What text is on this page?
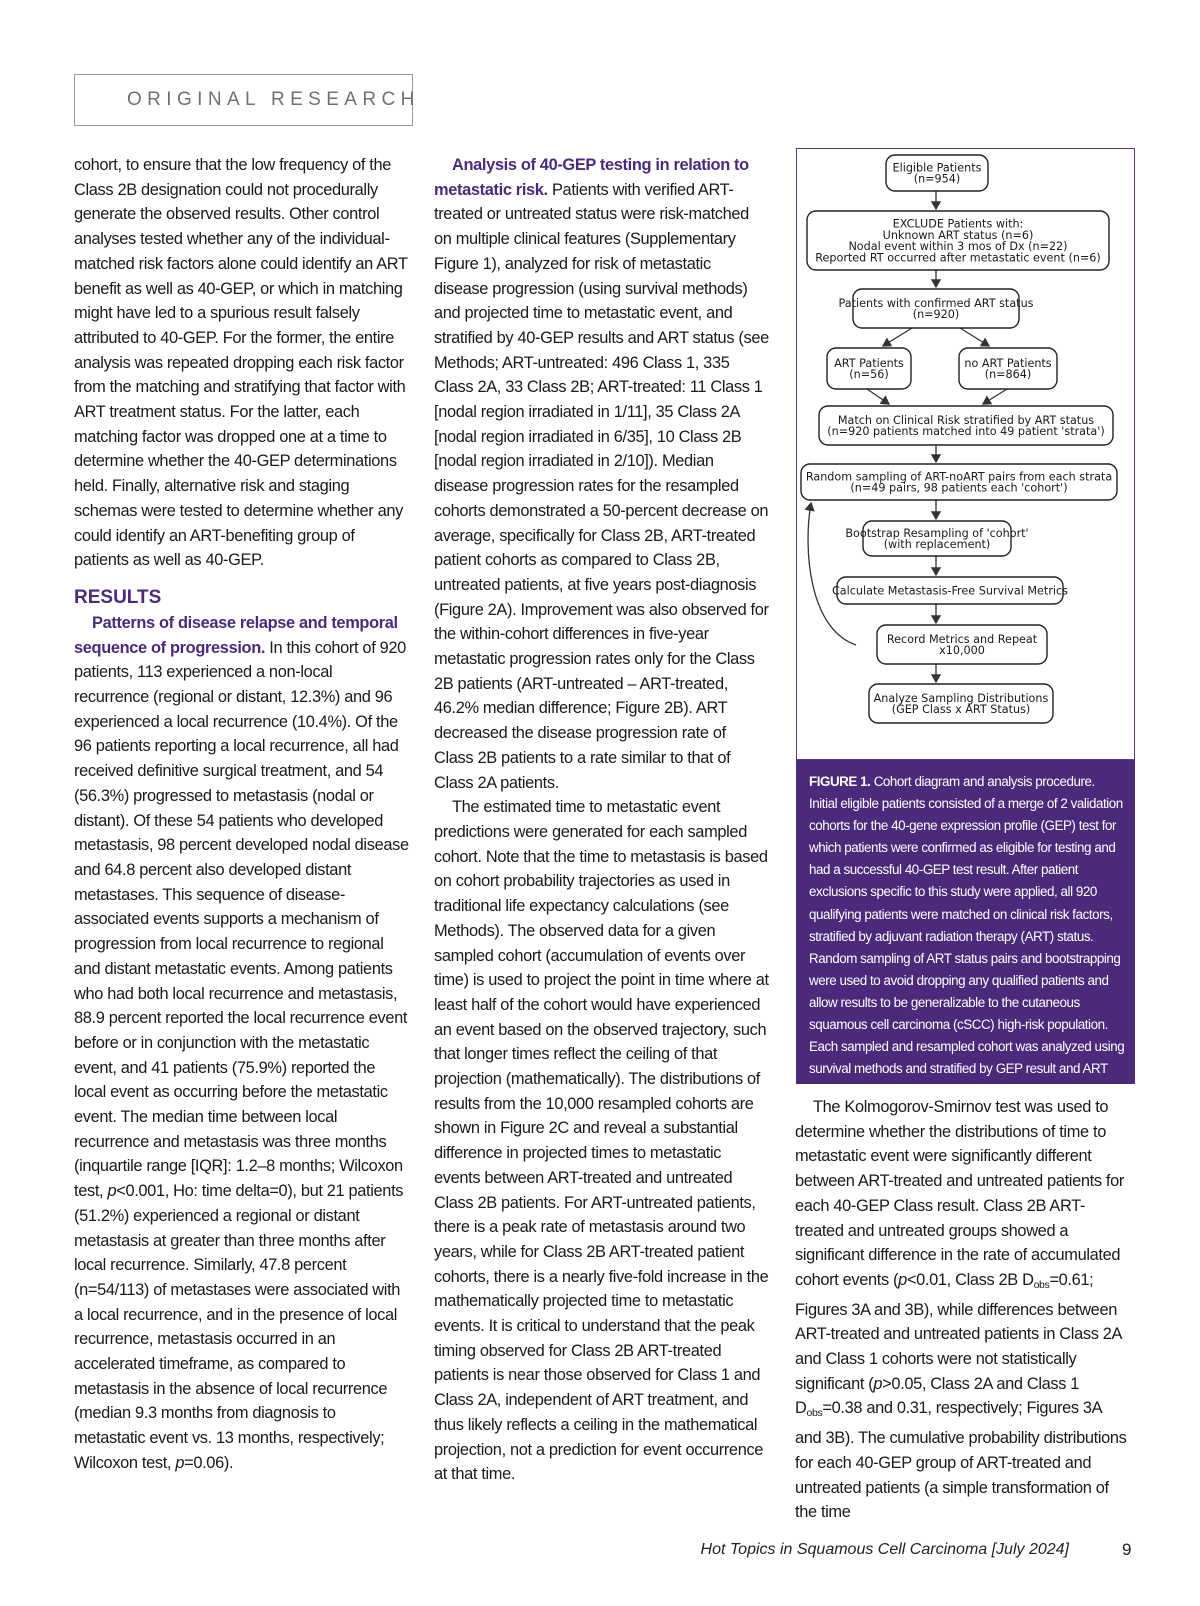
ORIGINAL RESEARCH

cohort, to ensure that the low frequency of the Class 2B designation could not procedurally generate the observed results. Other control analyses tested whether any of the individual-matched risk factors alone could identify an ART benefit as well as 40-GEP, or which in matching might have led to a spurious result falsely attributed to 40-GEP. For the former, the entire analysis was repeated dropping each risk factor from the matching and stratifying that factor with ART treatment status. For the latter, each matching factor was dropped one at a time to determine whether the 40-GEP determinations held. Finally, alternative risk and staging schemas were tested to determine whether any could identify an ART-benefiting group of patients as well as 40-GEP.

RESULTS

Patterns of disease relapse and temporal sequence of progression. In this cohort of 920 patients, 113 experienced a non-local recurrence (regional or distant, 12.3%) and 96 experienced a local recurrence (10.4%). Of the 96 patients reporting a local recurrence, all had received definitive surgical treatment, and 54 (56.3%) progressed to metastasis (nodal or distant). Of these 54 patients who developed metastasis, 98 percent developed nodal disease and 64.8 percent also developed distant metastases. This sequence of disease-associated events supports a mechanism of progression from local recurrence to regional and distant metastatic events. Among patients who had both local recurrence and metastasis, 88.9 percent reported the local recurrence event before or in conjunction with the metastatic event, and 41 patients (75.9%) reported the local event as occurring before the metastatic event. The median time between local recurrence and metastasis was three months (inquartile range [IQR]: 1.2–8 months; Wilcoxon test, p<0.001, Ho: time delta=0), but 21 patients (51.2%) experienced a regional or distant metastasis at greater than three months after local recurrence. Similarly, 47.8 percent (n=54/113) of metastases were associated with a local recurrence, and in the presence of local recurrence, metastasis occurred in an accelerated timeframe, as compared to metastasis in the absence of local recurrence (median 9.3 months from diagnosis to metastatic event vs. 13 months, respectively; Wilcoxon test, p=0.06).

Analysis of 40-GEP testing in relation to metastatic risk. Patients with verified ART-treated or untreated status were risk-matched on multiple clinical features (Supplementary Figure 1), analyzed for risk of metastatic disease progression (using survival methods) and projected time to metastatic event, and stratified by 40-GEP results and ART status (see Methods; ART-untreated: 496 Class 1, 335 Class 2A, 33 Class 2B; ART-treated: 11 Class 1 [nodal region irradiated in 1/11], 35 Class 2A [nodal region irradiated in 6/35], 10 Class 2B [nodal region irradiated in 2/10]). Median disease progression rates for the resampled cohorts demonstrated a 50-percent decrease on average, specifically for Class 2B, ART-treated patient cohorts as compared to Class 2B, untreated patients, at five years post-diagnosis (Figure 2A). Improvement was also observed for the within-cohort differences in five-year metastatic progression rates only for the Class 2B patients (ART-untreated – ART-treated, 46.2% median difference; Figure 2B). ART decreased the disease progression rate of Class 2B patients to a rate similar to that of Class 2A patients.

The estimated time to metastatic event predictions were generated for each sampled cohort. Note that the time to metastasis is based on cohort probability trajectories as used in traditional life expectancy calculations (see Methods). The observed data for a given sampled cohort (accumulation of events over time) is used to project the point in time where at least half of the cohort would have experienced an event based on the observed trajectory, such that longer times reflect the ceiling of that projection (mathematically). The distributions of results from the 10,000 resampled cohorts are shown in Figure 2C and reveal a substantial difference in projected times to metastatic events between ART-treated and untreated Class 2B patients. For ART-untreated patients, there is a peak rate of metastasis around two years, while for Class 2B ART-treated patient cohorts, there is a nearly five-fold increase in the mathematically projected time to metastatic events. It is critical to understand that the peak timing observed for Class 2B ART-treated patients is near those observed for Class 1 and Class 2A, independent of ART treatment, and thus likely reflects a ceiling in the mathematical projection, not a prediction for event occurrence at that time.

Eligible Patients
(n=954)
EXCLUDE Patients with:
Unknown ART status (n=6)
Nodal event within 3 mos of Dx (n=22)
Reported RT occurred after metastatic event (n=6)
Patients with confirmed ART status
(n=920)
ART Patients
(n=56)
no ART Patients
(n=864)
Match on Clinical Risk stratified by ART status
(n=920 patients matched into 49 patient 'strata')
Random sampling of ART-noART pairs from each strata
(n=49 pairs, 98 patients each 'cohort')
Bootstrap Resampling of 'cohort'
(with replacement)
Calculate Metastasis-Free Survival Metrics
Record Metrics and Repeat
x10,000
Analyze Sampling Distributions
(GEP Class x ART Status)
FIGURE 1. Cohort diagram and analysis procedure. Initial eligible patients consisted of a merge of 2 validation cohorts for the 40-gene expression profile (GEP) test for which patients were confirmed as eligible for testing and had a successful 40-GEP test result. After patient exclusions specific to this study were applied, all 920 qualifying patients were matched on clinical risk factors, stratified by adjuvant radiation therapy (ART) status. Random sampling of ART status pairs and bootstrapping were used to avoid dropping any qualified patients and allow results to be generalizable to the cutaneous squamous cell carcinoma (cSCC) high-risk population. Each sampled and resampled cohort was analyzed using survival methods and stratified by GEP result and ART status.

The Kolmogorov-Smirnov test was used to determine whether the distributions of time to metastatic event were significantly different between ART-treated and untreated patients for each 40-GEP Class result. Class 2B ART-treated and untreated groups showed a significant difference in the rate of accumulated cohort events (p<0.01, Class 2B $D_{obs}=0.61$; Figures 3A and 3B), while differences between ART-treated and untreated patients in Class 2A and Class 1 cohorts were not statistically significant (p>0.05, Class 2A and Class 1 $D_{obs}=0.38$ and 0.31, respectively; Figures 3A and 3B). The cumulative probability distributions for each 40-GEP group of ART-treated and untreated patients (a simple transformation of the time

Hot Topics in Squamous Cell Carcinoma [July 2024]	9
